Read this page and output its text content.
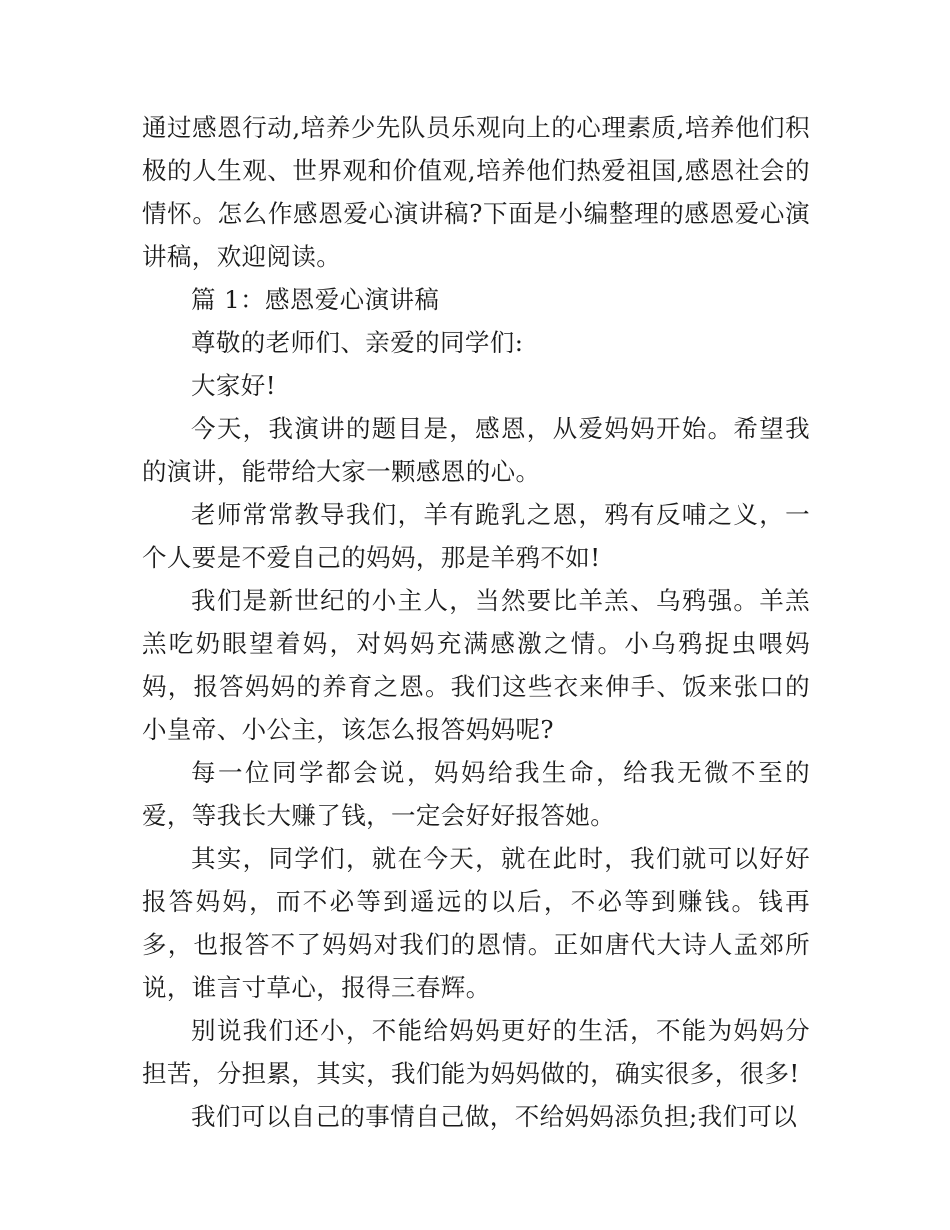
通过感恩行动,培养少先队员乐观向上的心理素质,培养他们积极的人生观、世界观和价值观,培养他们热爱祖国,感恩社会的情怀。怎么作感恩爱心演讲稿?下面是小编整理的感恩爱心演讲稿，欢迎阅读。

篇 1：感恩爱心演讲稿

尊敬的老师们、亲爱的同学们:

大家好!

今天，我演讲的题目是，感恩，从爱妈妈开始。希望我的演讲，能带给大家一颗感恩的心。

老师常常教导我们，羊有跪乳之恩，鸦有反哺之义，一个人要是不爱自己的妈妈，那是羊鸦不如!

我们是新世纪的小主人，当然要比羊羔、乌鸦强。羊羔羔吃奶眼望着妈，对妈妈充满感激之情。小乌鸦捉虫喂妈妈，报答妈妈的养育之恩。我们这些衣来伸手、饭来张口的小皇帝、小公主，该怎么报答妈妈呢?

每一位同学都会说，妈妈给我生命，给我无微不至的爱，等我长大赚了钱，一定会好好报答她。

其实，同学们，就在今天，就在此时，我们就可以好好报答妈妈，而不必等到遥远的以后，不必等到赚钱。钱再多，也报答不了妈妈对我们的恩情。正如唐代大诗人孟郊所说，谁言寸草心，报得三春辉。

别说我们还小，不能给妈妈更好的生活，不能为妈妈分担苦，分担累，其实，我们能为妈妈做的，确实很多，很多!

我们可以自己的事情自己做，不给妈妈添负担;我们可以
